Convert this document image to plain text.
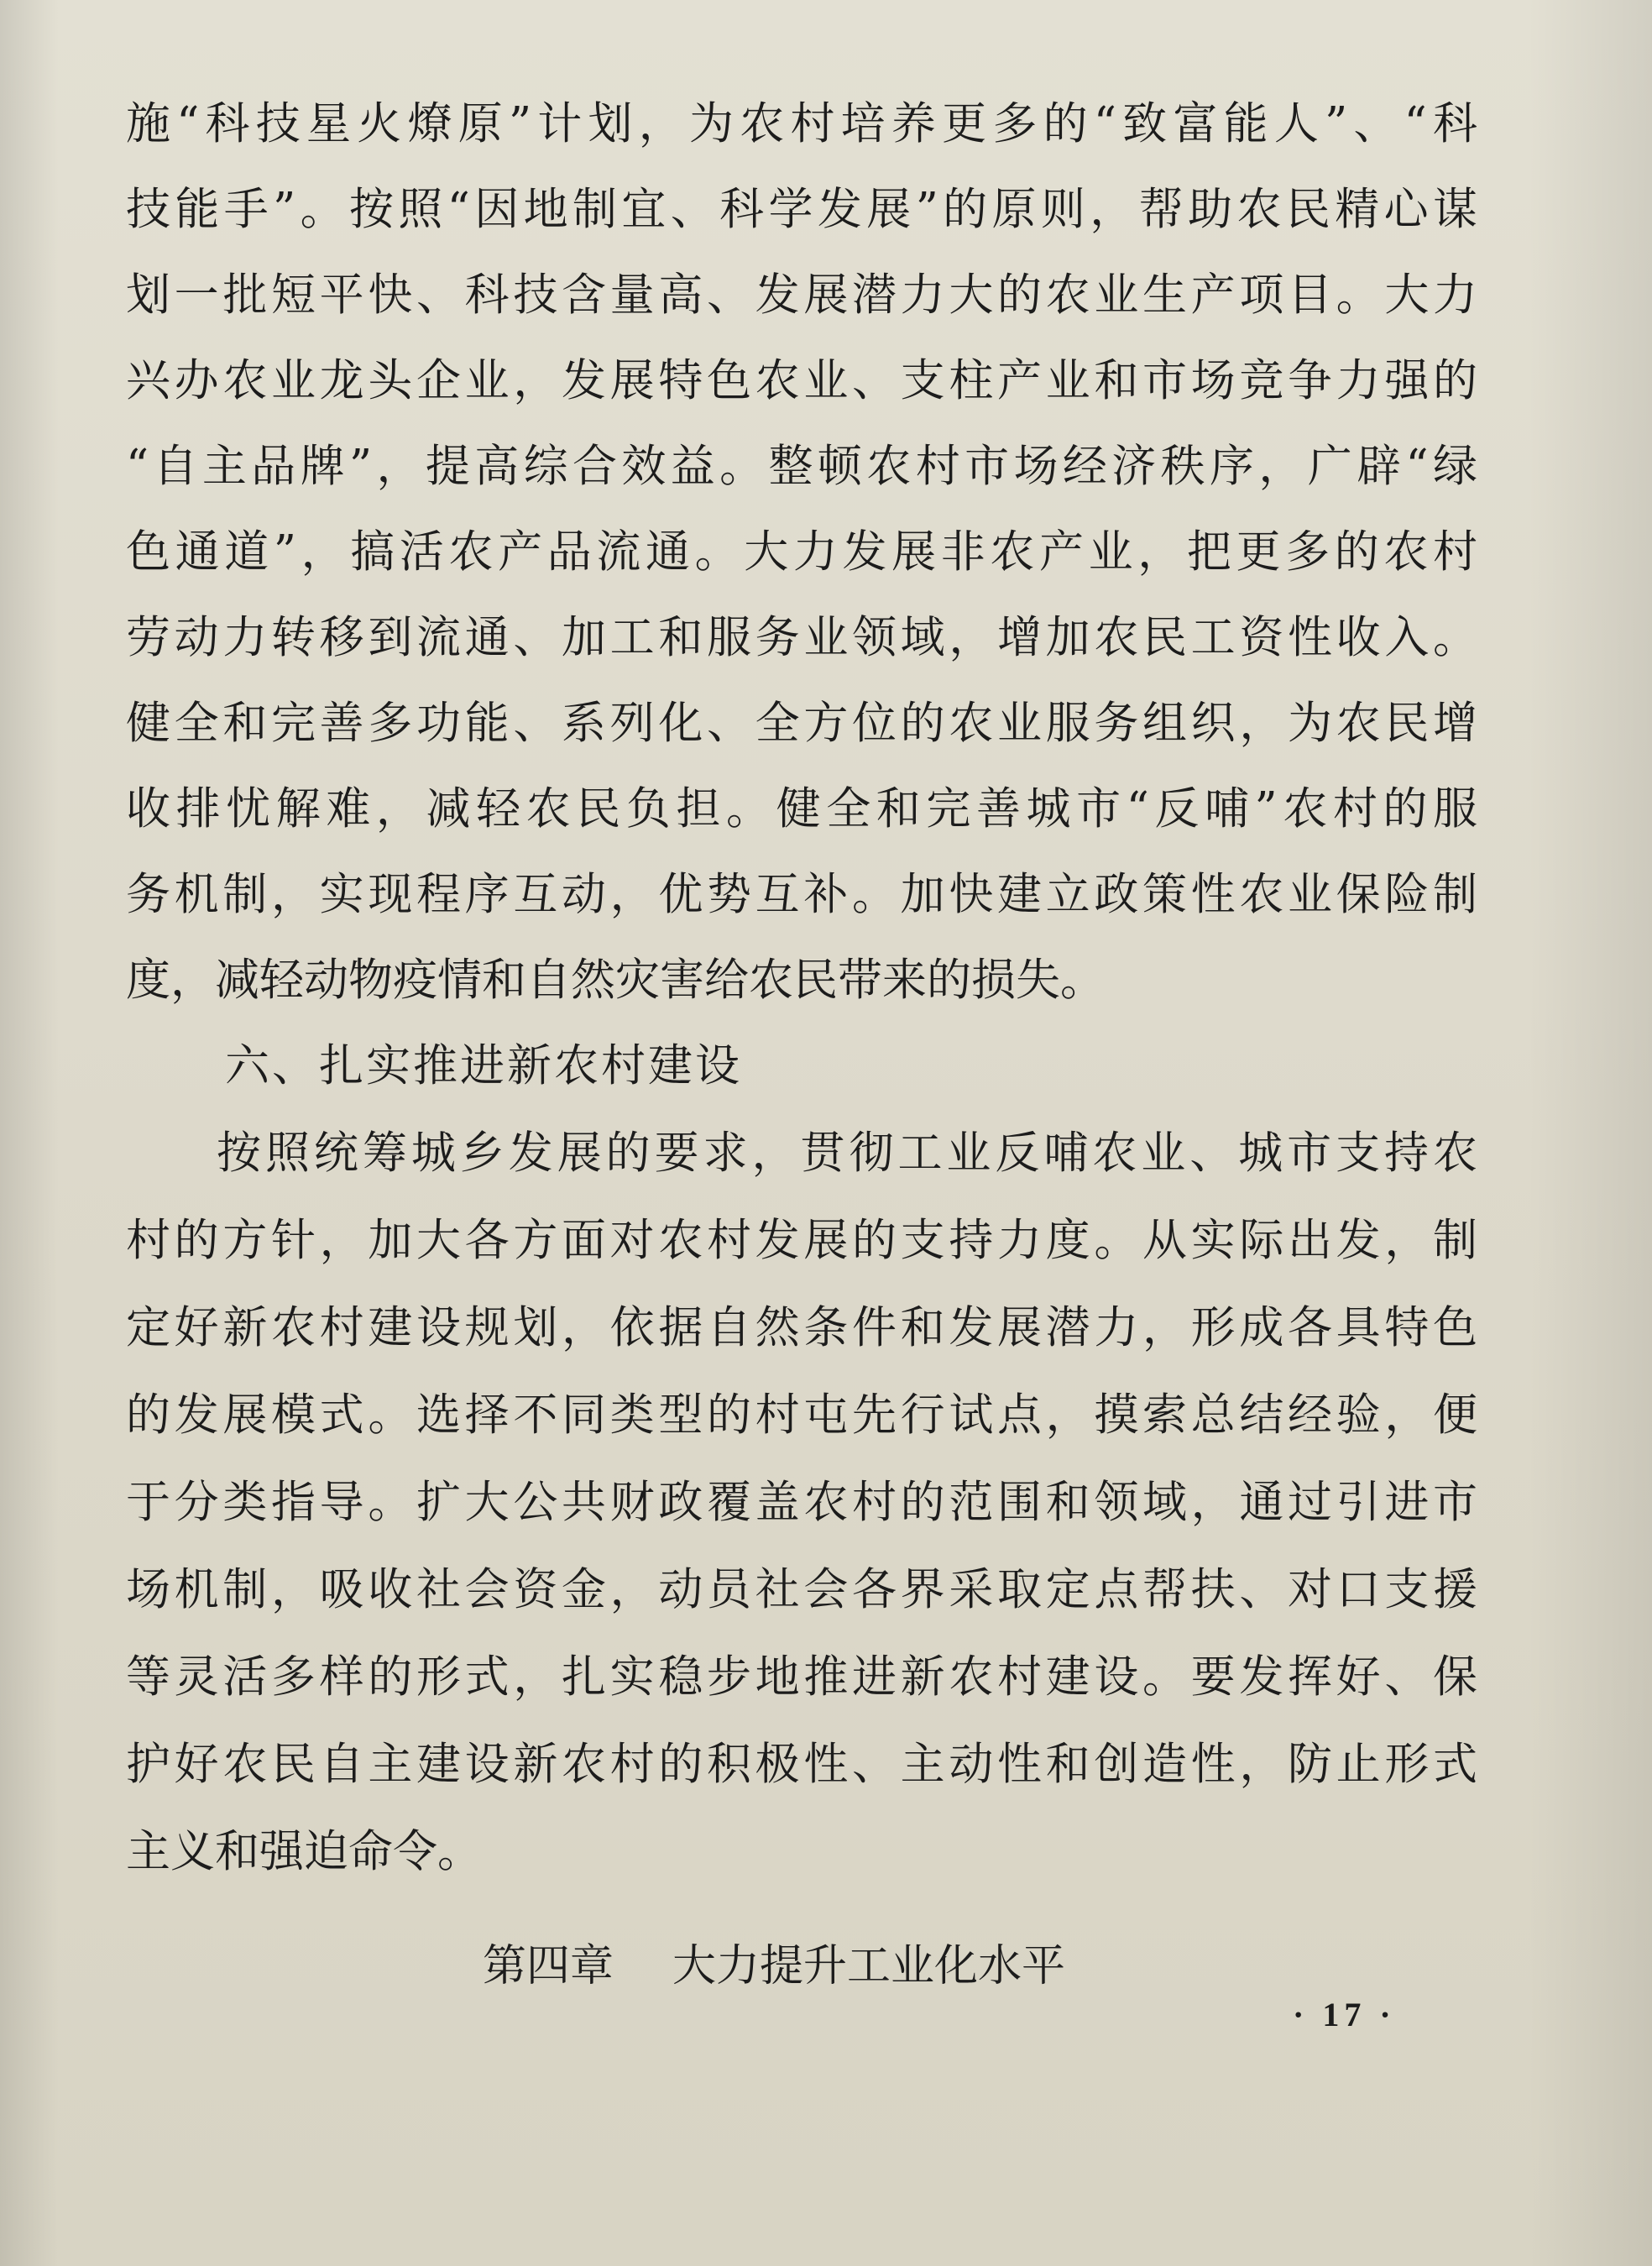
施“科技星火燎原”计划，为农村培养更多的“致富能人”、“科
技能手”。按照“因地制宜、科学发展”的原则，帮助农民精心谋
划一批短平快、科技含量高、发展潜力大的农业生产项目。大力
兴办农业龙头企业，发展特色农业、支柱产业和市场竞争力强的
“自主品牌”，提高综合效益。整顿农村市场经济秩序，广辟“绿
色通道”，搞活农产品流通。大力发展非农产业，把更多的农村
劳动力转移到流通、加工和服务业领域，增加农民工资性收入。
健全和完善多功能、系列化、全方位的农业服务组织，为农民增
收排忧解难，减轻农民负担。健全和完善城市“反哺”农村的服
务机制，实现程序互动，优势互补。加快建立政策性农业保险制
度，减轻动物疫情和自然灾害给农民带来的损失。
六、扎实推进新农村建设
按照统筹城乡发展的要求，贯彻工业反哺农业、城市支持农
村的方针，加大各方面对农村发展的支持力度。从实际出发，制
定好新农村建设规划，依据自然条件和发展潜力，形成各具特色
的发展模式。选择不同类型的村屯先行试点，摸索总结经验，便
于分类指导。扩大公共财政覆盖农村的范围和领域，通过引进市
场机制，吸收社会资金，动员社会各界采取定点帮扶、对口支援
等灵活多样的形式，扎实稳步地推进新农村建设。要发挥好、保
护好农民自主建设新农村的积极性、主动性和创造性，防止形式
主义和强迫命令。
第四章 大力提升工业化水平
· 17 ·
